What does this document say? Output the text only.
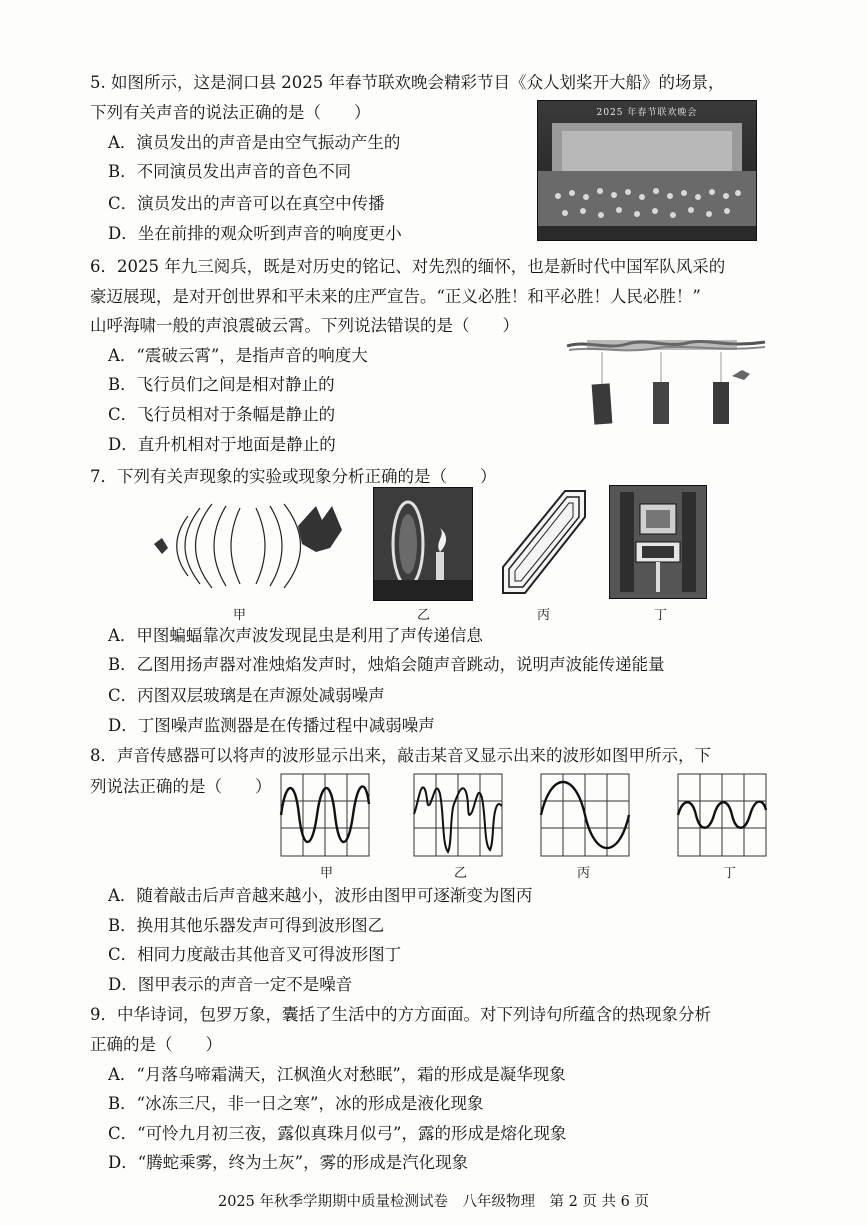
5. 如图所示，这是洞口县 2025 年春节联欢晚会精彩节目《众人划桨开大船》的场景，
下列有关声音的说法正确的是（　　）
A．演员发出的声音是由空气振动产生的
B．不同演员发出声音的音色不同
C．演员发出的声音可以在真空中传播
D．坐在前排的观众听到声音的响度更小
2025 年春节联欢晚会
6．2025 年九三阅兵，既是对历史的铭记、对先烈的缅怀，也是新时代中国军队风采的
豪迈展现，是对开创世界和平未来的庄严宣告。“正义必胜！和平必胜！人民必胜！”
山呼海啸一般的声浪震破云霄。下列说法错误的是（　　）
A．“震破云霄”，是指声音的响度大
B．飞行员们之间是相对静止的
C．飞行员相对于条幅是静止的
D．直升机相对于地面是静止的
7．下列有关声现象的实验或现象分析正确的是（　　）
甲	乙	丙	丁
A．甲图蝙蝠靠次声波发现昆虫是利用了声传递信息
B．乙图用扬声器对准烛焰发声时，烛焰会随声音跳动，说明声波能传递能量
C．丙图双层玻璃是在声源处减弱噪声
D．丁图噪声监测器是在传播过程中减弱噪声
8．声音传感器可以将声的波形显示出来，敲击某音叉显示出来的波形如图甲所示，下
列说法正确的是（　　）
甲	乙	丙	丁
A．随着敲击后声音越来越小，波形由图甲可逐渐变为图丙
B．换用其他乐器发声可得到波形图乙
C．相同力度敲击其他音叉可得波形图丁
D．图甲表示的声音一定不是噪音
9．中华诗词，包罗万象，囊括了生活中的方方面面。对下列诗句所蕴含的热现象分析
正确的是（　　）
A．“月落乌啼霜满天，江枫渔火对愁眠”，霜的形成是凝华现象
B．“冰冻三尺，非一日之寒”，冰的形成是液化现象
C．“可怜九月初三夜，露似真珠月似弓”，露的形成是熔化现象
D．“腾蛇乘雾，终为土灰”，雾的形成是汽化现象
2025 年秋季学期期中质量检测试卷　八年级物理　第 2 页 共 6 页
